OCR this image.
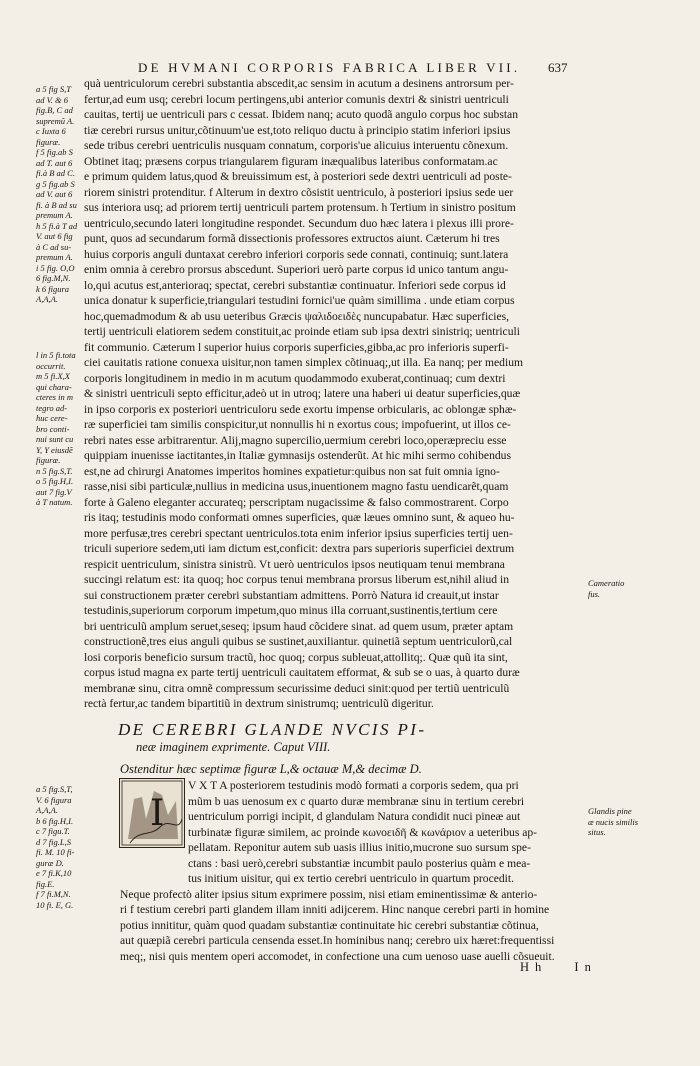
DE HVMANI CORPORIS FABRICA LIBER VII.	637
a 5 fig S,T
ad V. & 6
fig.B, C ad
supremũ A.
c Iuxta 6
figuræ.
f 5 fig.ab S
ad T. aut 6
fi.à B ad C.
g 5 fig.ab S
ad V. aut 6
fi. à B ad su
premum A.
h 5 fi.à T ad
V. aut 6 fig
à C ad su-
premum A.
i 5 fig. O,O
6 fig.M,N.
k 6 figura
A,A,A.
l in 5 fi.tota
occurrit.
m 5 fi.X,X
qui chara-
cteres in m
tegro ad-
huc cere-
bro conti-
nui sunt cu
Y, Y eiusdẽ
figuræ.
n 5 fig.S,T.
o 5 fig.H,I.
aut 7 fig.V
à T natum.
Cameratio
fus.
Glandis pine
æ nucis similis
situs.
a 5 fig.S,T,
V. 6 figura
A,A,A.
b 6 fig.H,I.
c 7 figu.T.
d 7 fig.L,S
fi. M. 10 fi-
guræ D.
e 7 fi.K,10
fig.E.
f 7 fi.M,N.
10 fi. E, G.

quà uentriculorum cerebri substantia abscedit,ac sensim in acutum a desinens antrorsum per-

fertur,ad eum usq; cerebri locum pertingens,ubi anterior comunis dextri & sinistri uentriculi

cauitas, tertij ue uentriculi pars c cessat. Ibidem nanq; acuto quodã angulo corpus hoc substan

tiæ cerebri rursus unitur,cõtinuum'ue est,toto reliquo ductu à principio statim inferiori ipsius

sede tribus cerebri uentriculis nusquam connatum, corporis'ue alicuius interuentu cõnexum.

Obtinet itaq; præsens corpus triangularem figuram inæqualibus lateribus conformatam.ac

e primum quidem latus,quod & breuissimum est, à posteriori sede dextri uentriculi ad poste-

riorem sinistri protenditur. f Alterum in dextro cõsistit uentriculo, à posteriori ipsius sede uer

sus interiora usq; ad priorem tertij uentriculi partem protensum. h Tertium in sinistro positum

uentriculo,secundo lateri longitudine respondet. Secundum duo hæc latera i plexus illi prore-

punt, quos ad secundarum formã dissectionis professores extructos aiunt. Cæterum hi tres

huius corporis anguli duntaxat cerebro inferiori corporis sede connati, continuiq; sunt.latera

enim omnia à cerebro prorsus abscedunt. Superiori uerò parte corpus id unico tantum angu-

lo,qui acutus est,anterioraq; spectat, cerebri substantiæ continuatur. Inferiori sede corpus id

unica donatur k superficie,triangulari testudini fornici'ue quàm simillima . unde etiam corpus

hoc,quemadmodum & ab usu ueteribus Græcis ψαλιδοειδὲς nuncupabatur. Hæc superficies,

tertij uentriculi elatiorem sedem constituit,ac proinde etiam sub ipsa dextri sinistriq; uentriculi

fit communio. Cæterum l superior huius corporis superficies,gibba,ac pro inferioris superfi-

ciei cauitatis ratione conuexa uisitur,non tamen simplex cõtinuaq;,ut illa. Ea nanq; per medium

corporis longitudinem in medio in m acutum quodammodo exuberat,continuaq; cum dextri

& sinistri uentriculi septo efficitur,adeò ut in utroq; latere una haberi ui deatur superficies,quæ

in ipso corporis ex posteriori uentriculoru sede exortu impense orbicularis, ac oblongæ sphæ-

ræ superficiei tam similis conspicitur,ut nonnullis hi n exortus cous; impofuerint, ut illos ce-

rebri nates esse arbitrarentur. Alij,magno supercilio,uermium cerebri loco,operæpreciu esse

quippiam inuenisse iactitantes,in Italiæ gymnasijs ostenderũt. At hic mihi sermo cohibendus

est,ne ad chirurgi Anatomes imperitos homines expatietur:quibus non sat fuit omnia igno-

rasse,nisi sibi particulæ,nullius in medicina usus,inuentionem magno fastu uendicarẽt,quam

forte à Galeno eleganter accurateq; perscriptam nugacissime & falso commostrarent. Corpo

ris itaq; testudinis modo conformati omnes superficies, quæ læues omnino sunt, & aqueo hu-

more perfusæ,tres cerebri spectant uentriculos.tota enim inferior ipsius superficies tertij uen-

triculi superiore sedem,uti iam dictum est,conficit: dextra pars superioris superficiei dextrum

respicit uentriculum, sinistra sinistrũ. Vt uerò uentriculos ipsos neutiquam tenui membrana

succingi relatum est: ita quoq; hoc corpus tenui membrana prorsus liberum est,nihil aliud in

sui constructionem præter cerebri substantiam admittens. Porrò Natura id creauit,ut instar

testudinis,superiorum corporum impetum,quo minus illa corruant,sustinentis,tertium cere

bri uentriculũ amplum seruet,seseq; ipsum haud cõcidere sinat. ad quem usum, præter aptam

constructionẽ,tres eius anguli quibus se sustinet,auxiliantur. quinetiã septum uentriculorũ,cal

losi corporis beneficio sursum tractũ, hoc quoq; corpus subleuat,attollitq;. Quæ quũ ita sint,

corpus istud magna ex parte tertij uentriculi cauitatem efformat, & sub se o uas, à quarto duræ

membranæ sinu, citra omnẽ compressum securissime deduci sinit:quod per tertiũ uentriculũ

rectà fertur,ac tandem bipartitiũ in dextrum sinistrumq; uentriculũ digeritur.

DE CEREBRI GLANDE NVCIS PI-
neæ imaginem exprimente. Caput VIII.
Ostenditur hæc septimæ figuræ L,& octauæ M,& decimæ D.

V X T A posteriorem testudinis modò formati a corporis sedem, qua pri

mũm b uas uenosum ex c quarto duræ membranæ sinu in tertium cerebri

uentriculum porrigi incipit, d glandulam Natura condidit nuci pineæ aut

turbinatæ figuræ similem, ac proinde κωνοειδῆ & κωνάριον a ueteribus ap-

pellatam. Reponitur autem sub uasis illius initio,mucrone suo sursum spe-

ctans : basi uerò,cerebri substantiæ incumbit paulo posterius quàm e mea-

tus initium uisitur, qui ex tertio cerebri uentriculo in quartum procedit.

Neque profectò aliter ipsius situm exprimere possim, nisi etiam eminentissimæ & anterio-

ri f testium cerebri parti glandem illam inniti adijcerem. Hinc nanque cerebri parti in homine

potius innititur, quàm quod quadam substantiæ continuitate hic cerebri substantiæ cõtinua,

aut quæpiã cerebri particula censenda esset.In hominibus nanq; cerebro uix hæret:frequentissi

meq;, nisi quis mentem operi accomodet, in confectione una cum uenoso uase auelli cõsueuit.

I
Hh In
